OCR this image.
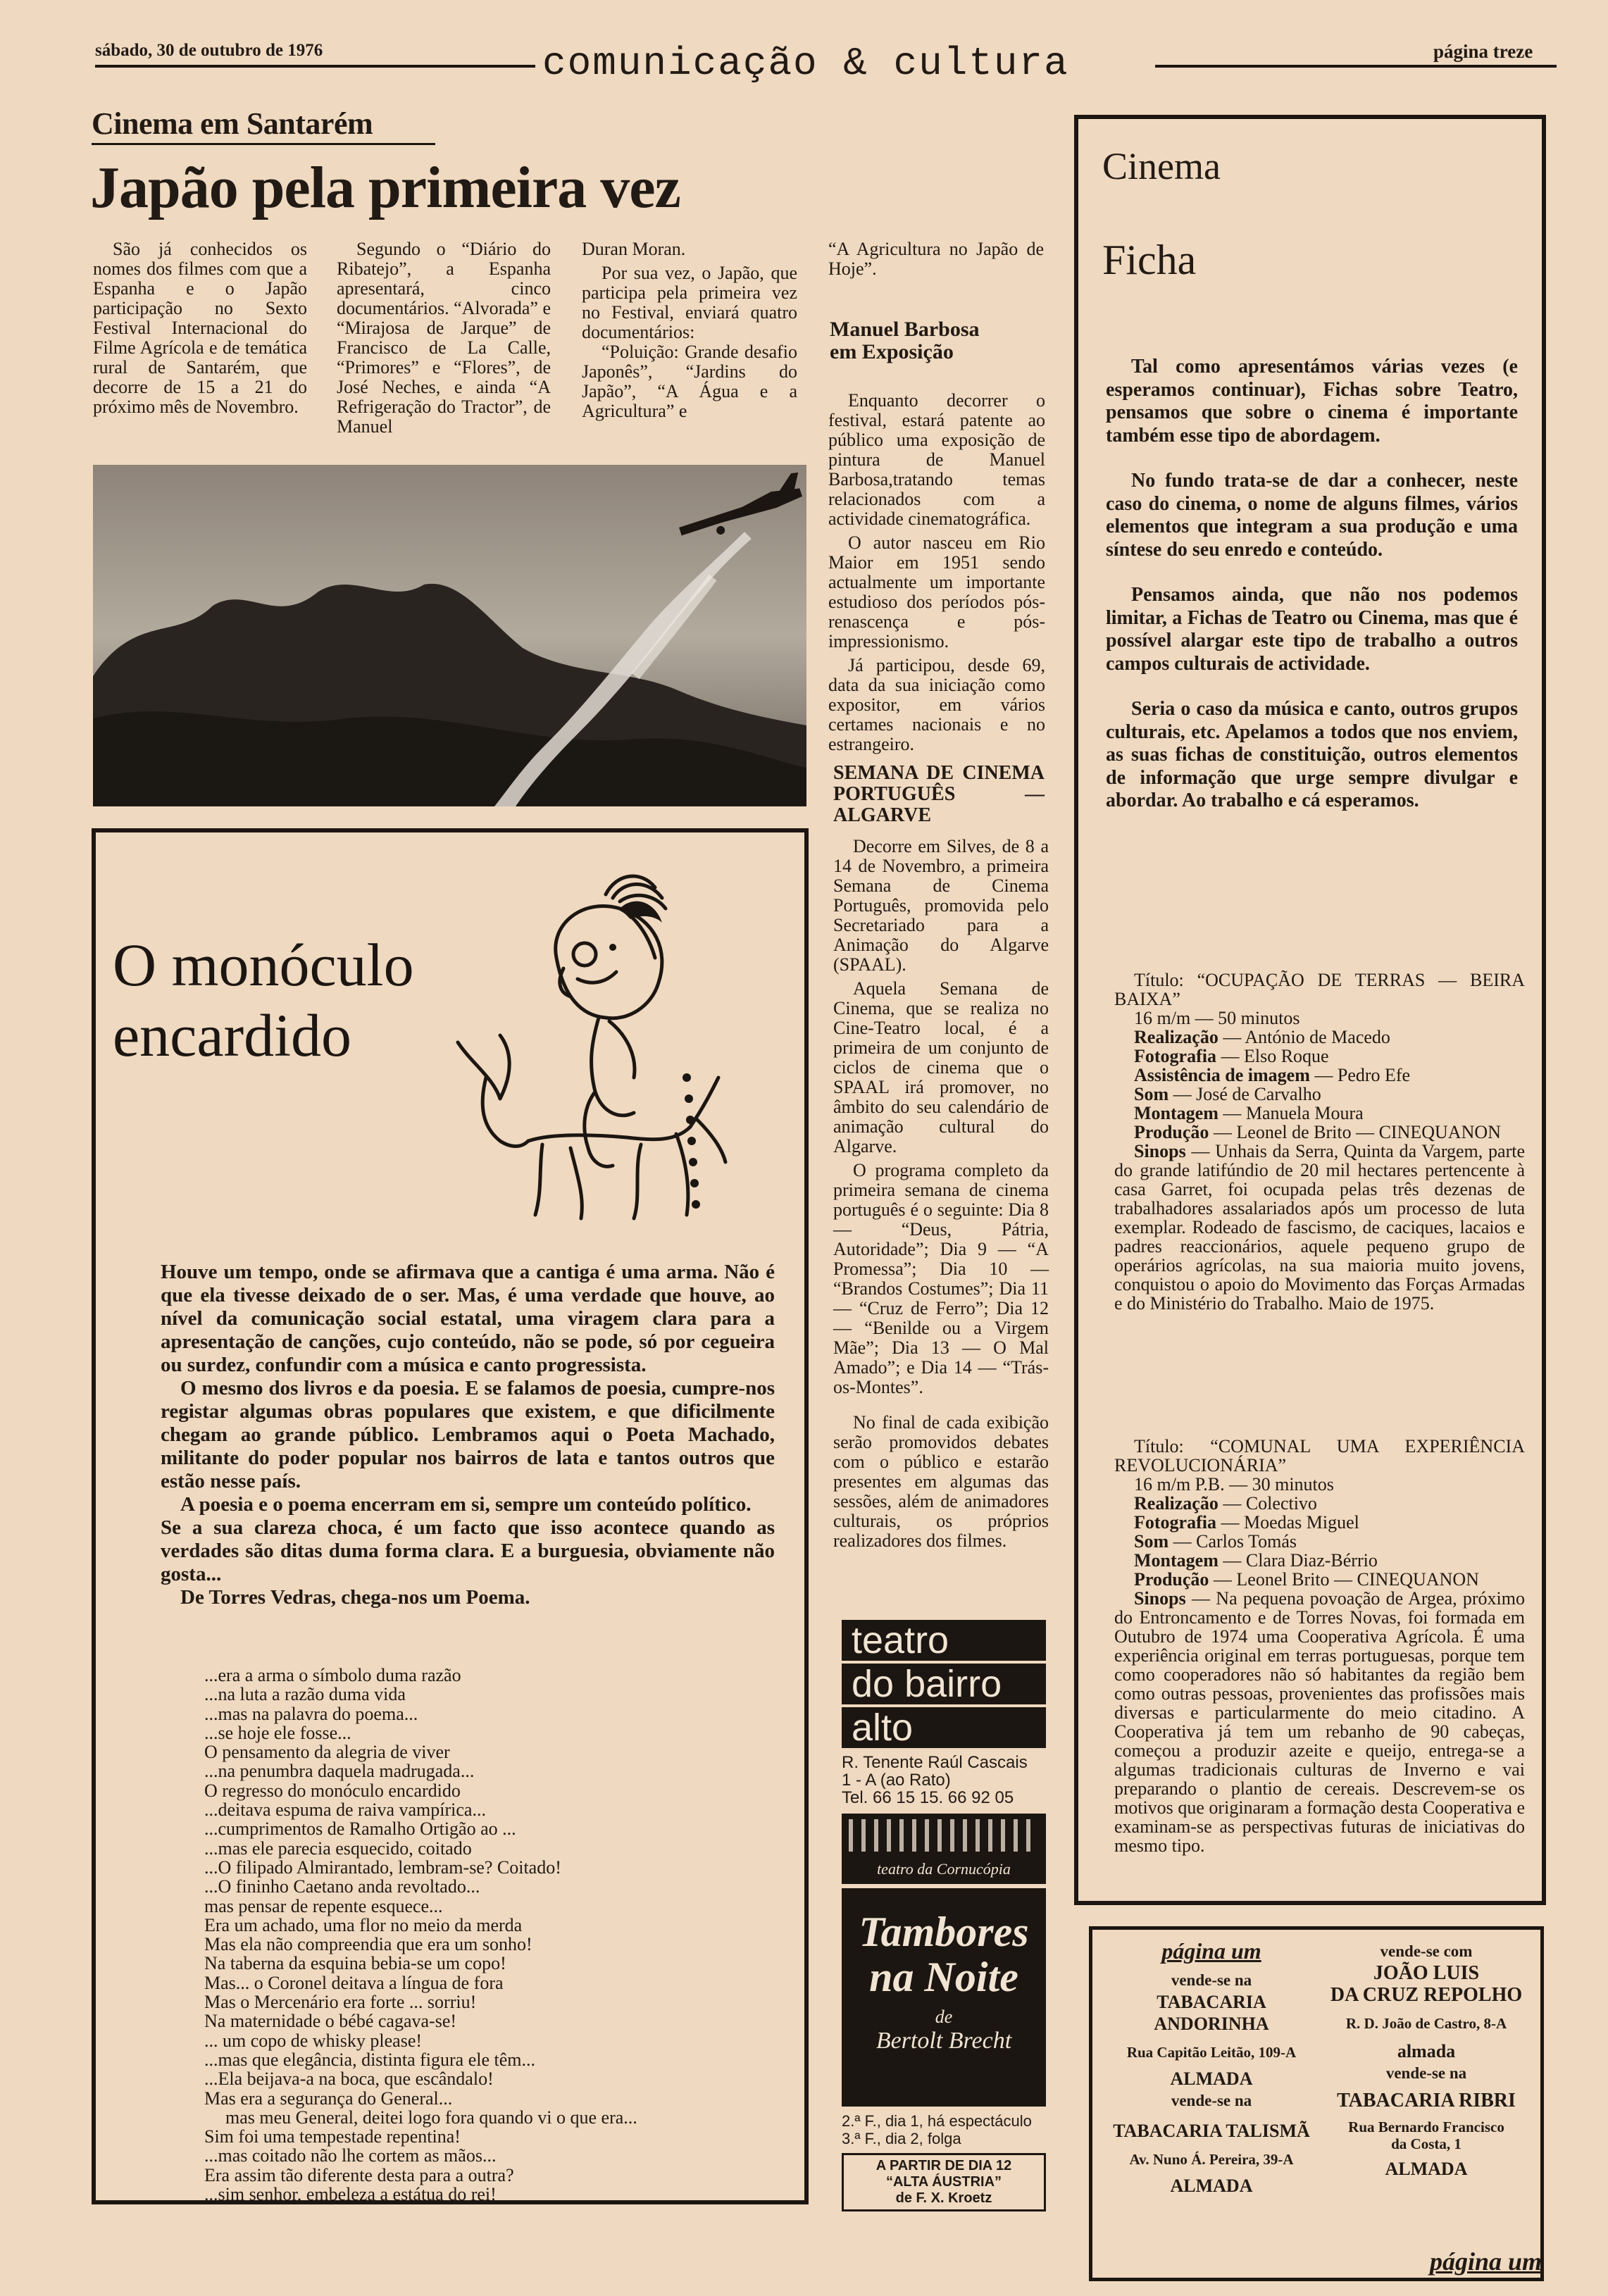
sábado, 30 de outubro de 1976	comunicação & cultura	página treze
Cinema em Santarém
Japão pela primeira vez

São já conhecidos os nomes dos filmes com que a Espanha e o Japão participação no Sexto Festival Internacional do Filme Agrícola e de temática rural de Santarém, que decorre de 15 a 21 do próximo mês de Novembro.

Segundo o “Diário do Ribatejo”, a Espanha apresentará, cinco documentários. “Alvorada” e “Mirajosa de Jarque” de Francisco de La Calle, “Primores” e “Flores”, de José Neches, e ainda “A Refrigeração do Tractor”, de Manuel

Duran Moran.

Por sua vez, o Japão, que participa pela primeira vez no Festival, enviará quatro documentários:

“Poluição: Grande desafio Japonês”, “Jardins do Japão”, “A Água e a Agricultura” e

“A Agricultura no Japão de Hoje”.

Manuel Barbosa
em Exposição

Enquanto decorrer o festival, estará patente ao público uma exposição de pintura de Manuel Barbosa,tratando temas relacionados com a actividade cinematográfica.

O autor nasceu em Rio Maior em 1951 sendo actualmente um importante estudioso dos períodos pós-renascença e pós-impressionismo.

Já participou, desde 69, data da sua iniciação como expositor, em vários certames nacionais e no estrangeiro.

SEMANA DE CINEMA PORTUGUÊS — ALGARVE

Decorre em Silves, de 8 a 14 de Novembro, a primeira Semana de Cinema Português, promovida pelo Secretariado para a Animação do Algarve (SPAAL).

Aquela Semana de Cinema, que se realiza no Cine-Teatro local, é a primeira de um conjunto de ciclos de cinema que o SPAAL irá promover, no âmbito do seu calendário de animação cultural do Algarve.

O programa completo da primeira semana de cinema português é o seguinte: Dia 8 — “Deus, Pátria, Autoridade”; Dia 9 — “A Promessa”; Dia 10 — “Brandos Costumes”; Dia 11 — “Cruz de Ferro”; Dia 12 — “Benilde ou a Virgem Mãe”; Dia 13 — O Mal Amado”; e Dia 14 — “Trás-os-Montes”.

No final de cada exibição serão promovidos debates com o público e estarão presentes em algumas das sessões, além de animadores culturais, os próprios realizadores dos filmes.

O monóculo
encardido

Houve um tempo, onde se afirmava que a cantiga é uma arma. Não é que ela tivesse deixado de o ser. Mas, é uma verdade que houve, ao nível da comunicação social estatal, uma viragem clara para a apresentação de canções, cujo conteúdo, não se pode, só por cegueira ou surdez, confundir com a música e canto progressista.

O mesmo dos livros e da poesia. E se falamos de poesia, cumpre-nos registar algumas obras populares que existem, e que dificilmente chegam ao grande público. Lembramos aqui o Poeta Machado, militante do poder popular nos bairros de lata e tantos outros que estão nesse país.

A poesia e o poema encerram em si, sempre um conteúdo político.

Se a sua clareza choca, é um facto que isso acontece quando as verdades são ditas duma forma clara. E a burguesia, obviamente não gosta...

De Torres Vedras, chega-nos um Poema.

...era a arma o símbolo duma razão
...na luta a razão duma vida
...mas na palavra do poema...
...se hoje ele fosse...
O pensamento da alegria de viver
...na penumbra daquela madrugada...
O regresso do monóculo encardido
...deitava espuma de raiva vampírica...
...cumprimentos de Ramalho Ortigão ao ...
...mas ele parecia esquecido, coitado
...O filipado Almirantado, lembram-se? Coitado!
...O fininho Caetano anda revoltado...
mas pensar de repente esquece...
Era um achado, uma flor no meio da merda
Mas ela não compreendia que era um sonho!
Na taberna da esquina bebia-se um copo!
Mas... o Coronel deitava a língua de fora
Mas o Mercenário era forte ... sorriu!
Na maternidade o bébé cagava-se!
... um copo de whisky please!
...mas que elegância, distinta figura ele têm...
...Ela beijava-a na boca, que escândalo!
Mas era a segurança do General...
mas meu General, deitei logo fora quando vi o que era...
Sim foi uma tempestade repentina!
...mas coitado não lhe cortem as mãos...
Era assim tão diferente desta para a outra?
...sim senhor, embeleza a estátua do rei!
Cinema
Ficha

Tal como apresentámos várias vezes (e esperamos continuar), Fichas sobre Teatro, pensamos que sobre o cinema é importante também esse tipo de abordagem.

No fundo trata-se de dar a conhecer, neste caso do cinema, o nome de alguns filmes, vários elementos que integram a sua produção e uma síntese do seu enredo e conteúdo.

Pensamos ainda, que não nos podemos limitar, a Fichas de Teatro ou Cinema, mas que é possível alargar este tipo de trabalho a outros campos culturais de actividade.

Seria o caso da música e canto, outros grupos culturais, etc. Apelamos a todos que nos enviem, as suas fichas de constituição, outros elementos de informação que urge sempre divulgar e abordar. Ao trabalho e cá esperamos.

Título: “OCUPAÇÃO DE TERRAS — BEIRA BAIXA”

16 m/m — 50 minutos

Realização — António de Macedo

Fotografia — Elso Roque

Assistência de imagem — Pedro Efe

Som — José de Carvalho

Montagem — Manuela Moura

Produção — Leonel de Brito — CINEQUANON

Sinops — Unhais da Serra, Quinta da Vargem, parte do grande latifúndio de 20 mil hectares pertencente à casa Garret, foi ocupada pelas três dezenas de trabalhadores assalariados após um processo de luta exemplar. Rodeado de fascismo, de caciques, lacaios e padres reaccionários, aquele pequeno grupo de operários agrícolas, na sua maioria muito jovens, conquistou o apoio do Movimento das Forças Armadas e do Ministério do Trabalho. Maio de 1975.

Título: “COMUNAL UMA EXPERIÊNCIA REVOLUCIONÁRIA”

16 m/m P.B. — 30 minutos

Realização — Colectivo

Fotografia — Moedas Miguel

Som — Carlos Tomás

Montagem — Clara Diaz-Bérrio

Produção — Leonel Brito — CINEQUANON

Sinops — Na pequena povoação de Argea, próximo do Entroncamento e de Torres Novas, foi formada em Outubro de 1974 uma Cooperativa Agrícola. É uma experiência original em terras portuguesas, porque tem como cooperadores não só habitantes da região bem como outras pessoas, provenientes das profissões mais diversas e particularmente do meio citadino. A Cooperativa já tem um rebanho de 90 cabeças, começou a produzir azeite e queijo, entrega-se a algumas tradicionais culturas de Inverno e vai preparando o plantio de cereais. Descrevem-se os motivos que originaram a formação desta Cooperativa e examinam-se as perspectivas futuras de iniciativas do mesmo tipo.

teatro
do bairro
alto
R. Tenente Raúl Cascais
1 - A (ao Rato)
Tel. 66 15 15. 66 92 05
teatro da Cornucópia
Tambores
na Noite
de
Bertolt Brecht
2.ª F., dia 1, há espectáculo
3.ª F., dia 2, folga
A PARTIR DE DIA 12
“ALTA ÁUSTRIA”
de F. X. Kroetz
página um
vende-se na
TABACARIA ANDORINHA
Rua Capitão Leitão, 109-A
ALMADA
vende-se na
TABACARIA TALISMÃ
Av. Nuno Á. Pereira, 39-A
ALMADA
vende-se com
JOÃO LUIS
DA CRUZ REPOLHO
R. D. João de Castro, 8-A
almada
vende-se na
TABACARIA RIBRI
Rua Bernardo Francisco
da Costa, 1
ALMADA
página um
